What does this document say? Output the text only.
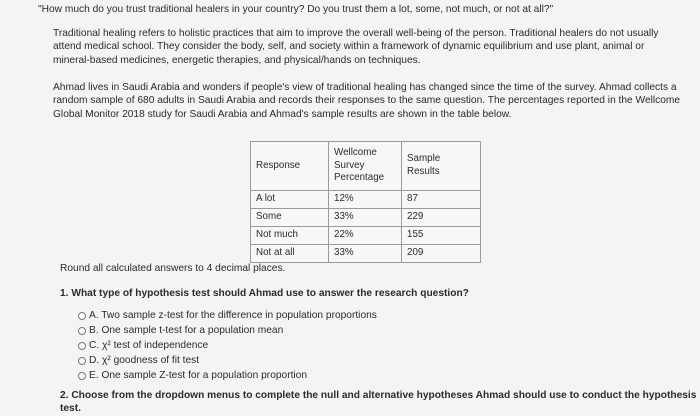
"How much do you trust traditional healers in your country? Do you trust them a lot, some, not much, or not at all?"

Traditional healing refers to holistic practices that aim to improve the overall well-being of the person. Traditional healers do not usually attend medical school. They consider the body, self, and society within a framework of dynamic equilibrium and use plant, animal or mineral-based medicines, energetic therapies, and physical/hands on techniques.

Ahmad lives in Saudi Arabia and wonders if people's view of traditional healing has changed since the time of the survey. Ahmad collects a random sample of 680 adults in Saudi Arabia and records their responses to the same question. The percentages reported in the Wellcome Global Monitor 2018 study for Saudi Arabia and Ahmad's sample results are shown in the table below.

Response	Wellcome Survey Percentage	Sample Results
A lot	12%	87
Some	33%	229
Not much	22%	155
Not at all	33%	209

Round all calculated answers to 4 decimal places.

1. What type of hypothesis test should Ahmad use to answer the research question?

A. Two sample z-test for the difference in population proportions
B. One sample t-test for a population mean
C. χ² test of independence
D. χ² goodness of fit test
E. One sample Z-test for a population proportion

2. Choose from the dropdown menus to complete the null and alternative hypotheses Ahmad should use to conduct the hypothesis test.
